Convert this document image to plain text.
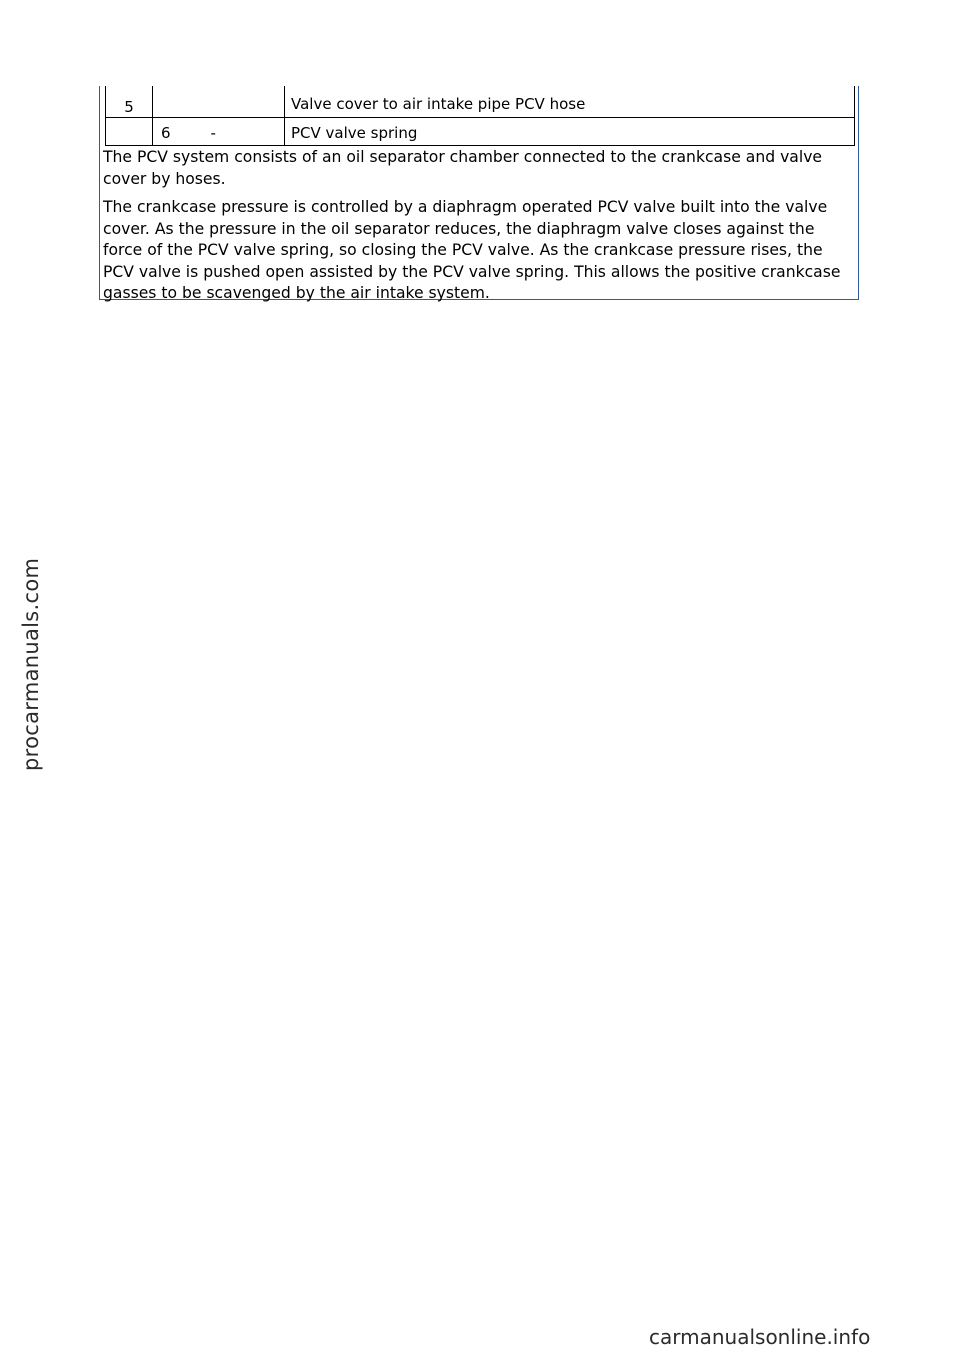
5		Valve cover to air intake pipe PCV hose
	6 -	PCV valve spring

The PCV system consists of an oil separator chamber connected to the crankcase and valve cover by hoses.

The crankcase pressure is controlled by a diaphragm operated PCV valve built into the valve cover. As the pressure in the oil separator reduces, the diaphragm valve closes against the force of the PCV valve spring, so closing the PCV valve. As the crankcase pressure rises, the PCV valve is pushed open assisted by the PCV valve spring. This allows the positive crankcase gasses to be scavenged by the air intake system.

procarmanuals.com
carmanualsonline.info
